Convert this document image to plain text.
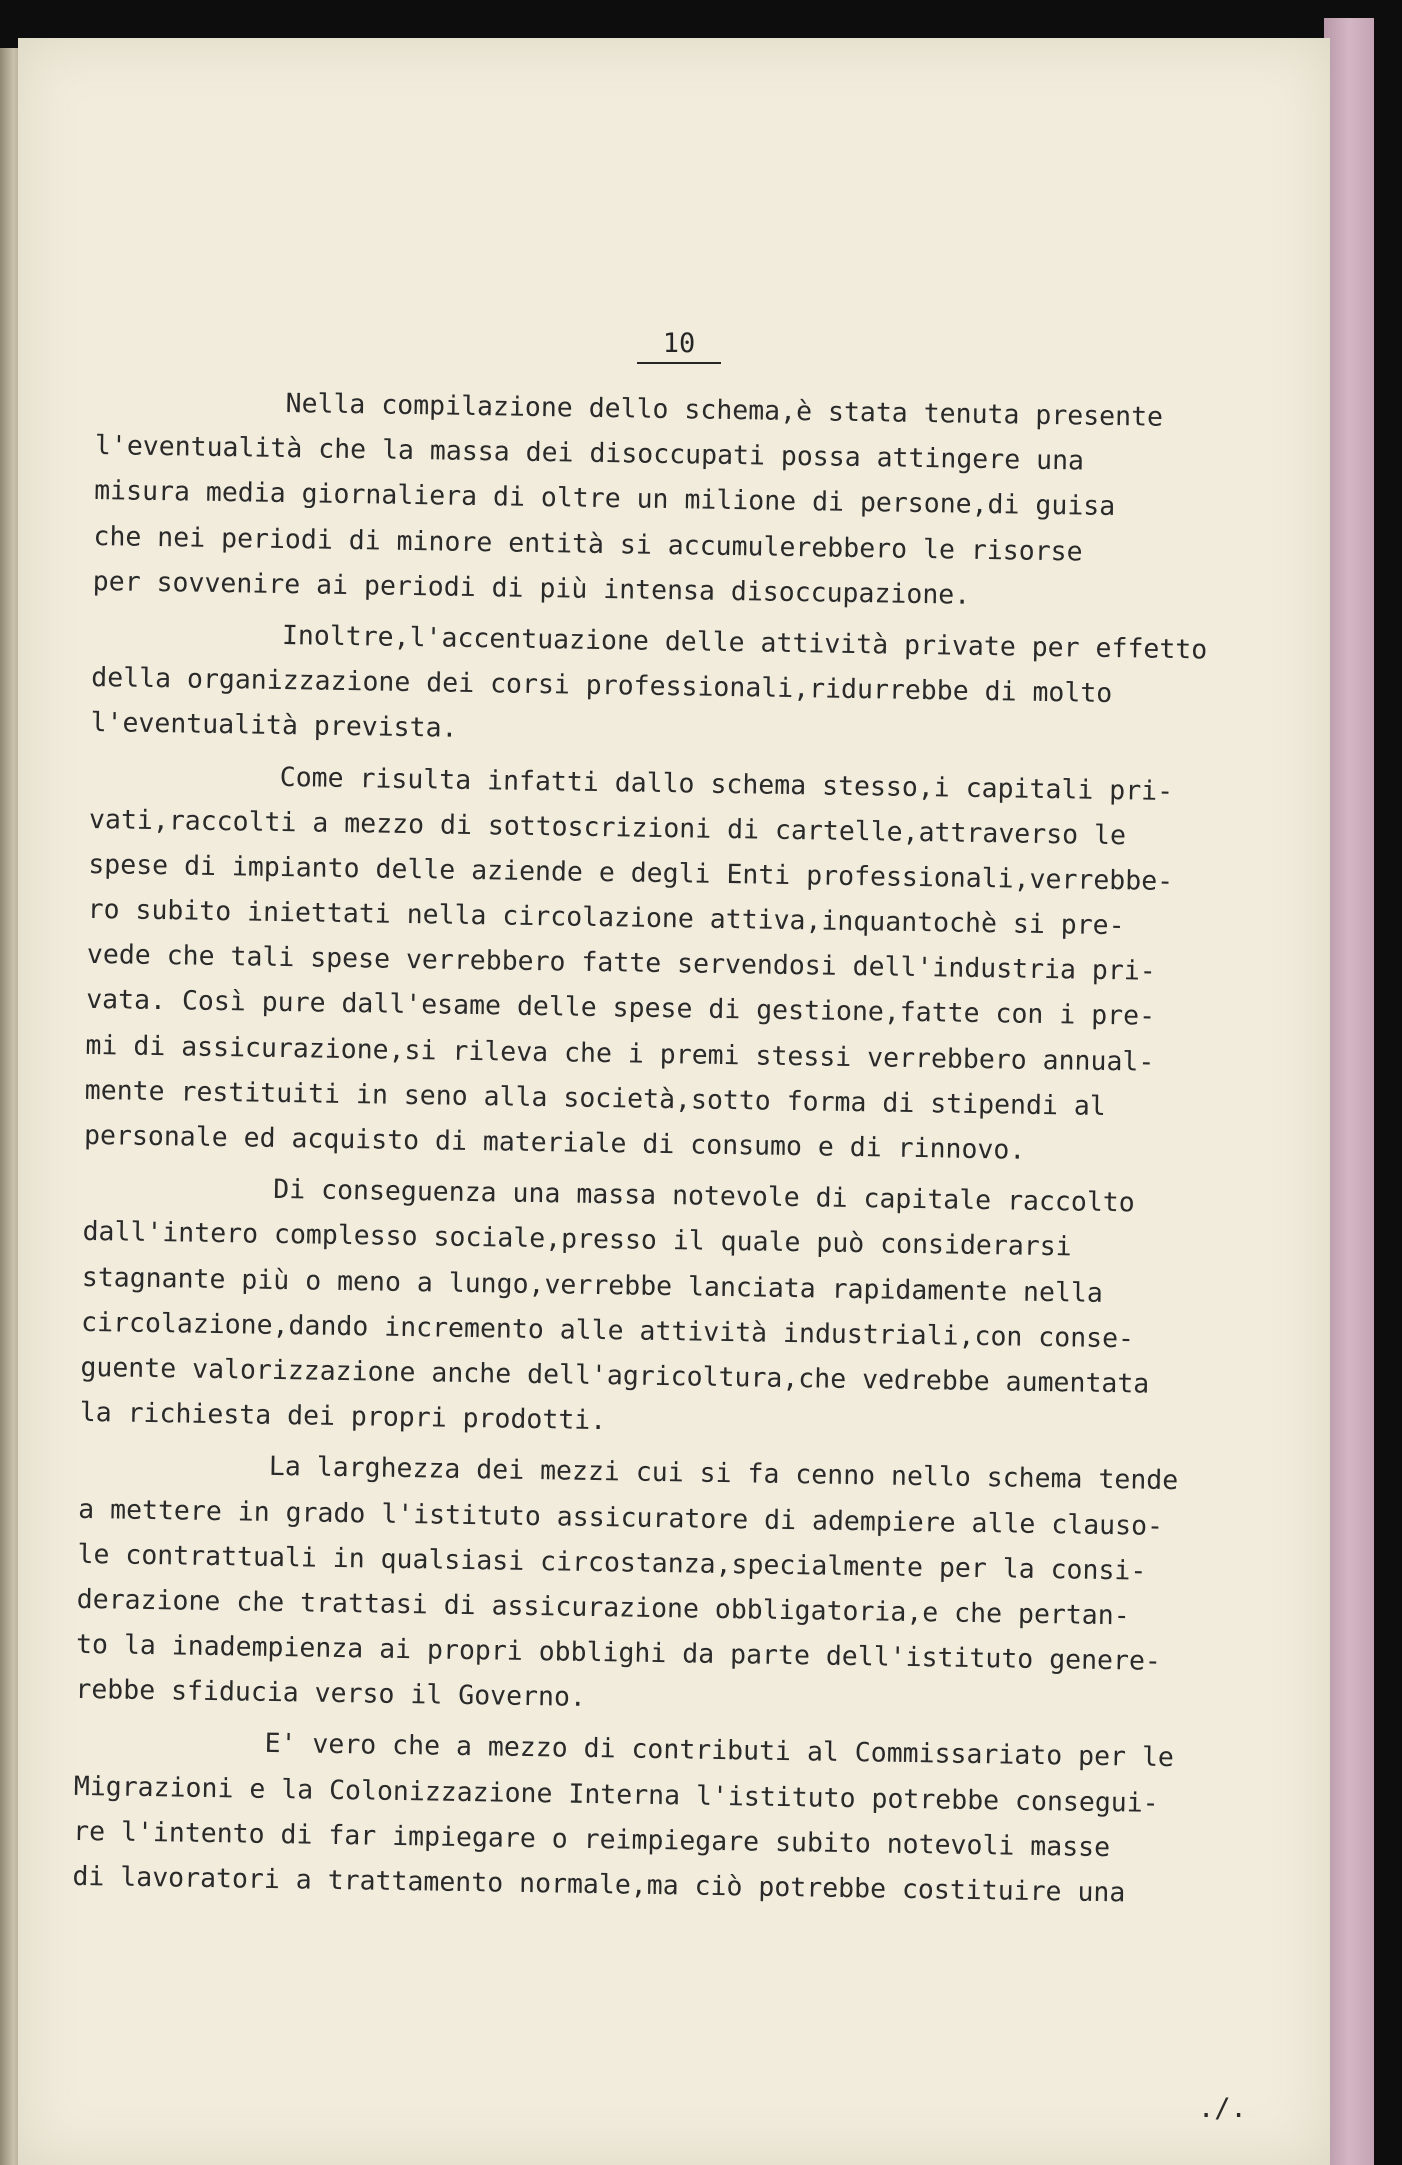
10
Nella compilazione dello schema,è stata tenuta presente
l'eventualità che la massa dei disoccupati possa attingere una
misura media giornaliera di oltre un milione di persone,di guisa
che nei periodi di minore entità si accumulerebbero le risorse
per sovvenire ai periodi di più intensa disoccupazione.
Inoltre,l'accentuazione delle attività private per effetto
della organizzazione dei corsi professionali,ridurrebbe di molto
l'eventualità prevista.
Come risulta infatti dallo schema stesso,i capitali pri-
vati,raccolti a mezzo di sottoscrizioni di cartelle,attraverso le
spese di impianto delle aziende e degli Enti professionali,verrebbe-
ro subito iniettati nella circolazione attiva,inquantochè si pre-
vede che tali spese verrebbero fatte servendosi dell'industria pri-
vata. Così pure dall'esame delle spese di gestione,fatte con i pre-
mi di assicurazione,si rileva che i premi stessi verrebbero annual-
mente restituiti in seno alla società,sotto forma di stipendi al
personale ed acquisto di materiale di consumo e di rinnovo.
Di conseguenza una massa notevole di capitale raccolto
dall'intero complesso sociale,presso il quale può considerarsi
stagnante più o meno a lungo,verrebbe lanciata rapidamente nella
circolazione,dando incremento alle attività industriali,con conse-
guente valorizzazione anche dell'agricoltura,che vedrebbe aumentata
la richiesta dei propri prodotti.
La larghezza dei mezzi cui si fa cenno nello schema tende
a mettere in grado l'istituto assicuratore di adempiere alle clauso-
le contrattuali in qualsiasi circostanza,specialmente per la consi-
derazione che trattasi di assicurazione obbligatoria,e che pertan-
to la inadempienza ai propri obblighi da parte dell'istituto genere-
rebbe sfiducia verso il Governo.
E' vero che a mezzo di contributi al Commissariato per le
Migrazioni e la Colonizzazione Interna l'istituto potrebbe consegui-
re l'intento di far impiegare o reimpiegare subito notevoli masse
di lavoratori a trattamento normale,ma ciò potrebbe costituire una
./.
